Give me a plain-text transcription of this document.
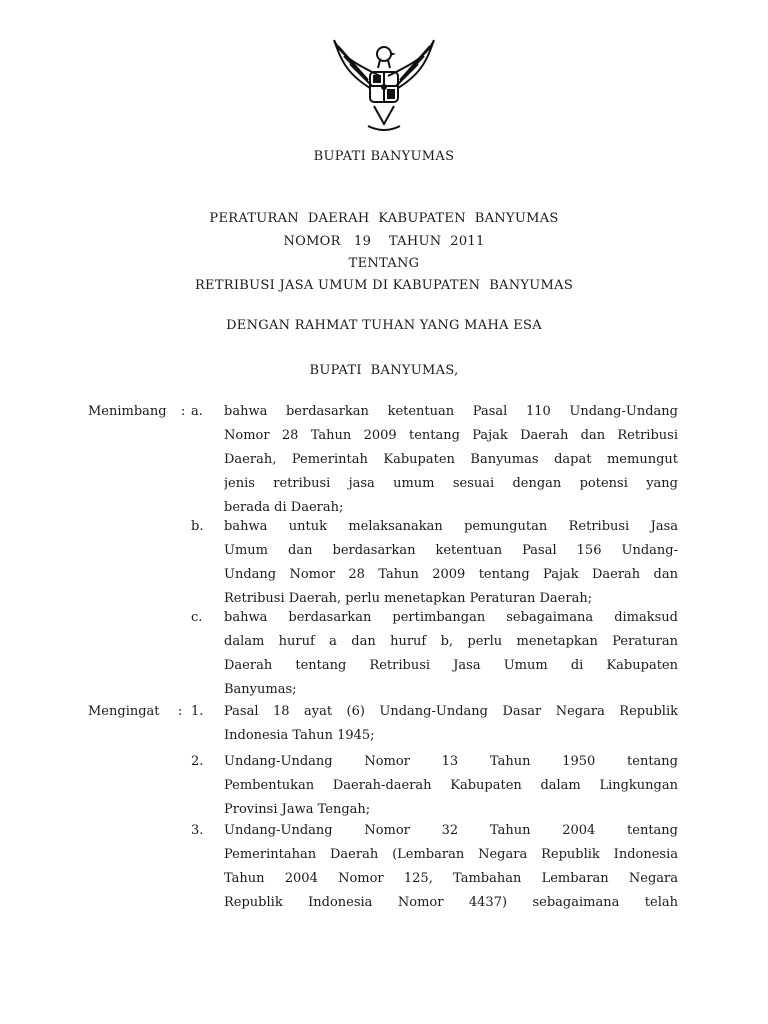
BUPATI BANYUMAS
PERATURAN  DAERAH  KABUPATEN  BANYUMAS
NOMOR   19    TAHUN  2011
TENTANG
RETRIBUSI JASA UMUM DI KABUPATEN  BANYUMAS
DENGAN RAHMAT TUHAN YANG MAHA ESA
BUPATI  BANYUMAS,
Menimbang : a. bahwa berdasarkan ketentuan Pasal 110 Undang-Undang
Nomor 28 Tahun 2009 tentang Pajak Daerah dan Retribusi
Daerah, Pemerintah Kabupaten Banyumas dapat memungut
jenis retribusi jasa umum sesuai dengan potensi yang
berada di Daerah;
b. bahwa untuk melaksanakan pemungutan Retribusi Jasa
Umum dan berdasarkan ketentuan Pasal 156 Undang-
Undang Nomor 28 Tahun 2009 tentang Pajak Daerah dan
Retribusi Daerah, perlu menetapkan Peraturan Daerah;
c. bahwa berdasarkan pertimbangan sebagaimana dimaksud
dalam huruf a dan huruf b, perlu menetapkan Peraturan
Daerah tentang Retribusi Jasa Umum di Kabupaten
Banyumas;
Mengingat : 1. Pasal 18 ayat (6) Undang-Undang Dasar Negara Republik
Indonesia Tahun 1945;
2. Undang-Undang Nomor 13 Tahun 1950 tentang
Pembentukan Daerah-daerah Kabupaten dalam Lingkungan
Provinsi Jawa Tengah;
3. Undang-Undang Nomor 32 Tahun 2004 tentang
Pemerintahan Daerah (Lembaran Negara Republik Indonesia
Tahun 2004 Nomor 125, Tambahan Lembaran Negara
Republik Indonesia Nomor 4437) sebagaimana telah
